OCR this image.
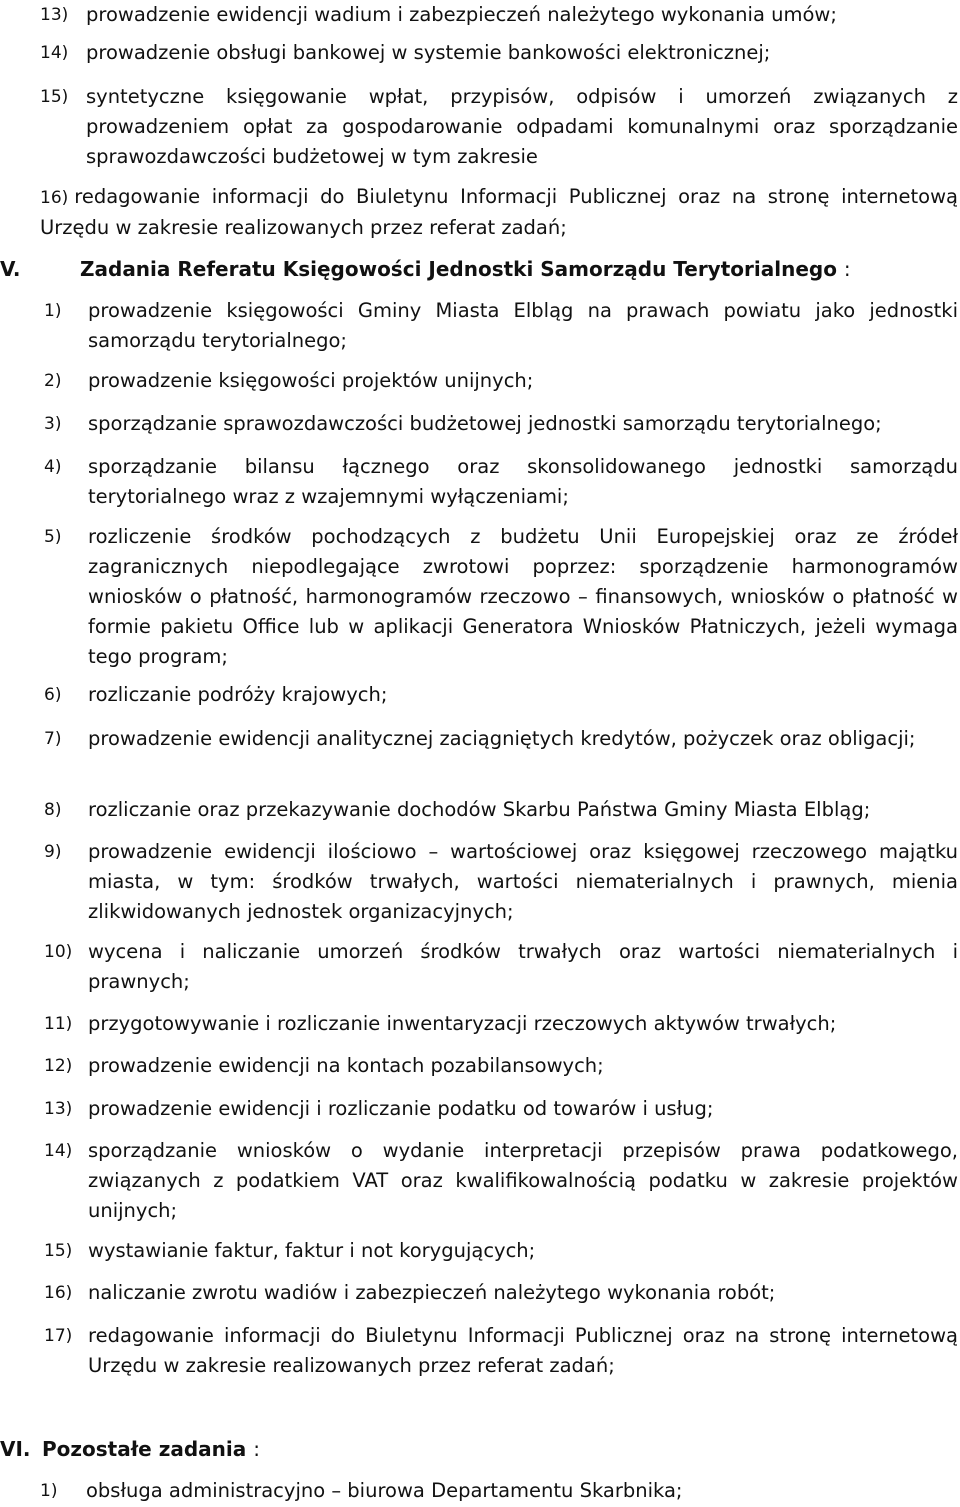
13) prowadzenie ewidencji wadium i zabezpieczeń należytego wykonania umów;
14) prowadzenie obsługi bankowej w systemie bankowości elektronicznej;
15) syntetyczne księgowanie wpłat, przypisów, odpisów i umorzeń związanych z prowadzeniem opłat za gospodarowanie odpadami komunalnymi oraz sporządzanie sprawozdawczości budżetowej w tym zakresie
16) redagowanie informacji do Biuletynu Informacji Publicznej oraz na stronę internetową Urzędu w zakresie realizowanych przez referat zadań;
V.	Zadania Referatu Księgowości Jednostki Samorządu Terytorialnego :
1) prowadzenie księgowości Gminy Miasta Elbląg na prawach powiatu jako jednostki samorządu terytorialnego;
2) prowadzenie księgowości projektów unijnych;
3) sporządzanie sprawozdawczości budżetowej jednostki samorządu terytorialnego;
4) sporządzanie bilansu łącznego oraz skonsolidowanego jednostki samorządu terytorialnego wraz z wzajemnymi wyłączeniami;
5) rozliczenie środków pochodzących z budżetu Unii Europejskiej oraz ze źródeł zagranicznych niepodlegające zwrotowi poprzez: sporządzenie harmonogramów wniosków o płatność, harmonogramów rzeczowo – finansowych, wniosków o płatność w formie pakietu Office lub w aplikacji Generatora Wniosków Płatniczych, jeżeli wymaga tego program;
6) rozliczanie podróży krajowych;
7) prowadzenie ewidencji analitycznej zaciągniętych kredytów, pożyczek oraz obligacji;
8) rozliczanie oraz przekazywanie dochodów Skarbu Państwa Gminy Miasta Elbląg;
9) prowadzenie ewidencji ilościowo – wartościowej oraz księgowej rzeczowego majątku miasta, w tym: środków trwałych, wartości niematerialnych i prawnych, mienia zlikwidowanych jednostek organizacyjnych;
10) wycena i naliczanie umorzeń środków trwałych oraz wartości niematerialnych i prawnych;
11) przygotowywanie i rozliczanie inwentaryzacji rzeczowych aktywów trwałych;
12) prowadzenie ewidencji na kontach pozabilansowych;
13) prowadzenie ewidencji i rozliczanie podatku od towarów i usług;
14) sporządzanie wniosków o wydanie interpretacji przepisów prawa podatkowego, związanych z podatkiem VAT oraz kwalifikowalnością podatku w zakresie projektów unijnych;
15) wystawianie faktur, faktur i not korygujących;
16) naliczanie zwrotu wadiów i zabezpieczeń należytego wykonania robót;
17) redagowanie informacji do Biuletynu Informacji Publicznej oraz na stronę internetową Urzędu w zakresie realizowanych przez referat zadań;
VI. Pozostałe zadania :
1) obsługa administracyjno – biurowa Departamentu Skarbnika;
